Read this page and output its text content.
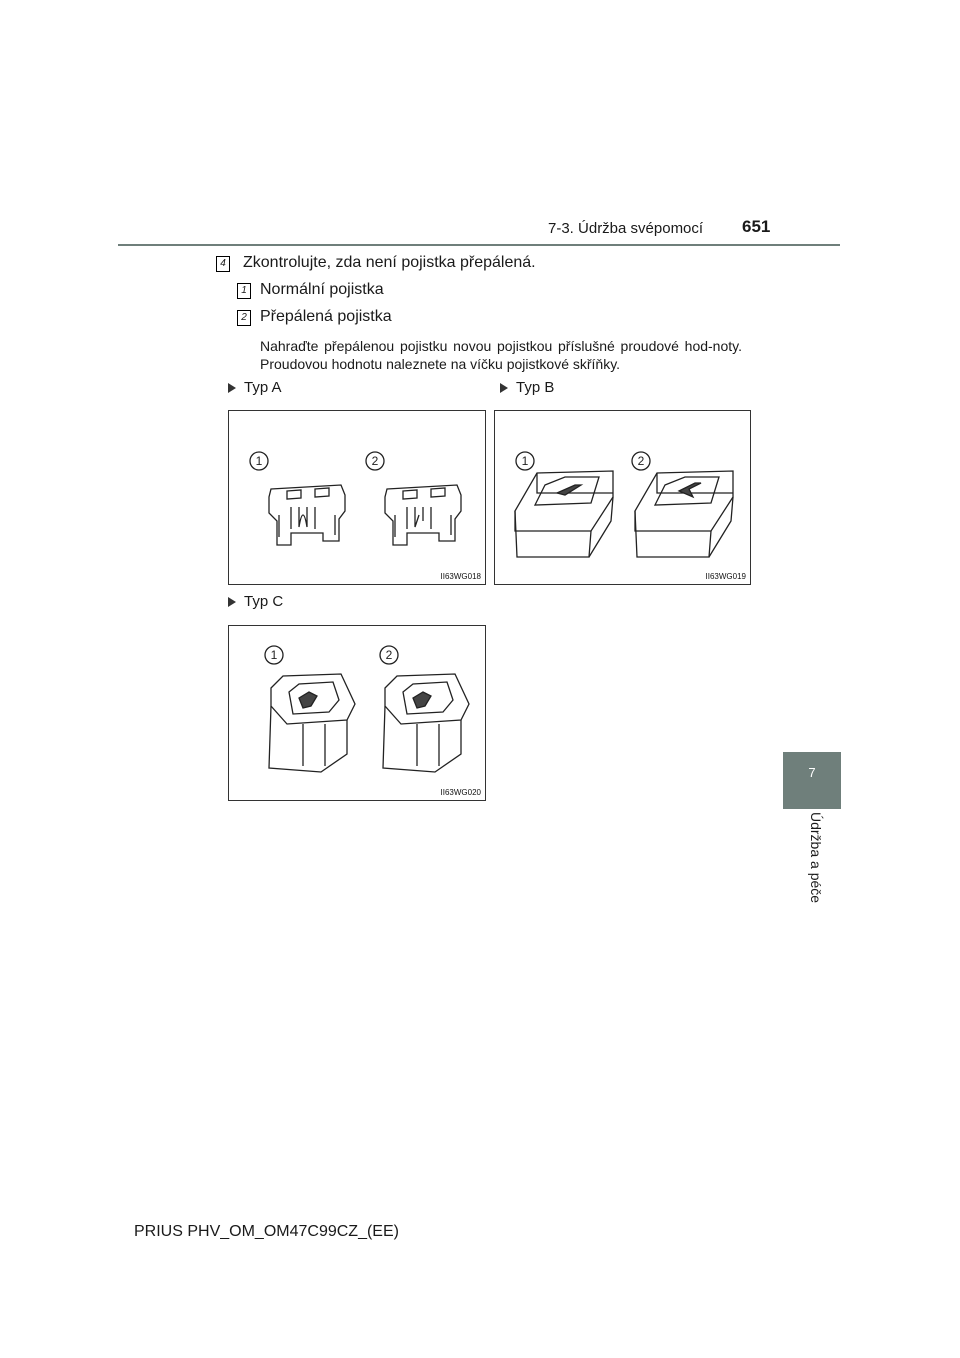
7-3. Údržba svépomocí 651
7
Údržba a péče
4 Zkontrolujte, zda není pojistka přepálená.
1 Normální pojistka
2 Přepálená pojistka
Nahraďte přepálenou pojistku novou pojistkou příslušné proudové hod-noty. Proudovou hodnotu naleznete na víčku pojistkové skříňky.
Typ A	Typ B
Typ C
1	2
II63WG018
1	2
II63WG019
1	2
II63WG020
PRIUS PHV_OM_OM47C99CZ_(EE)
